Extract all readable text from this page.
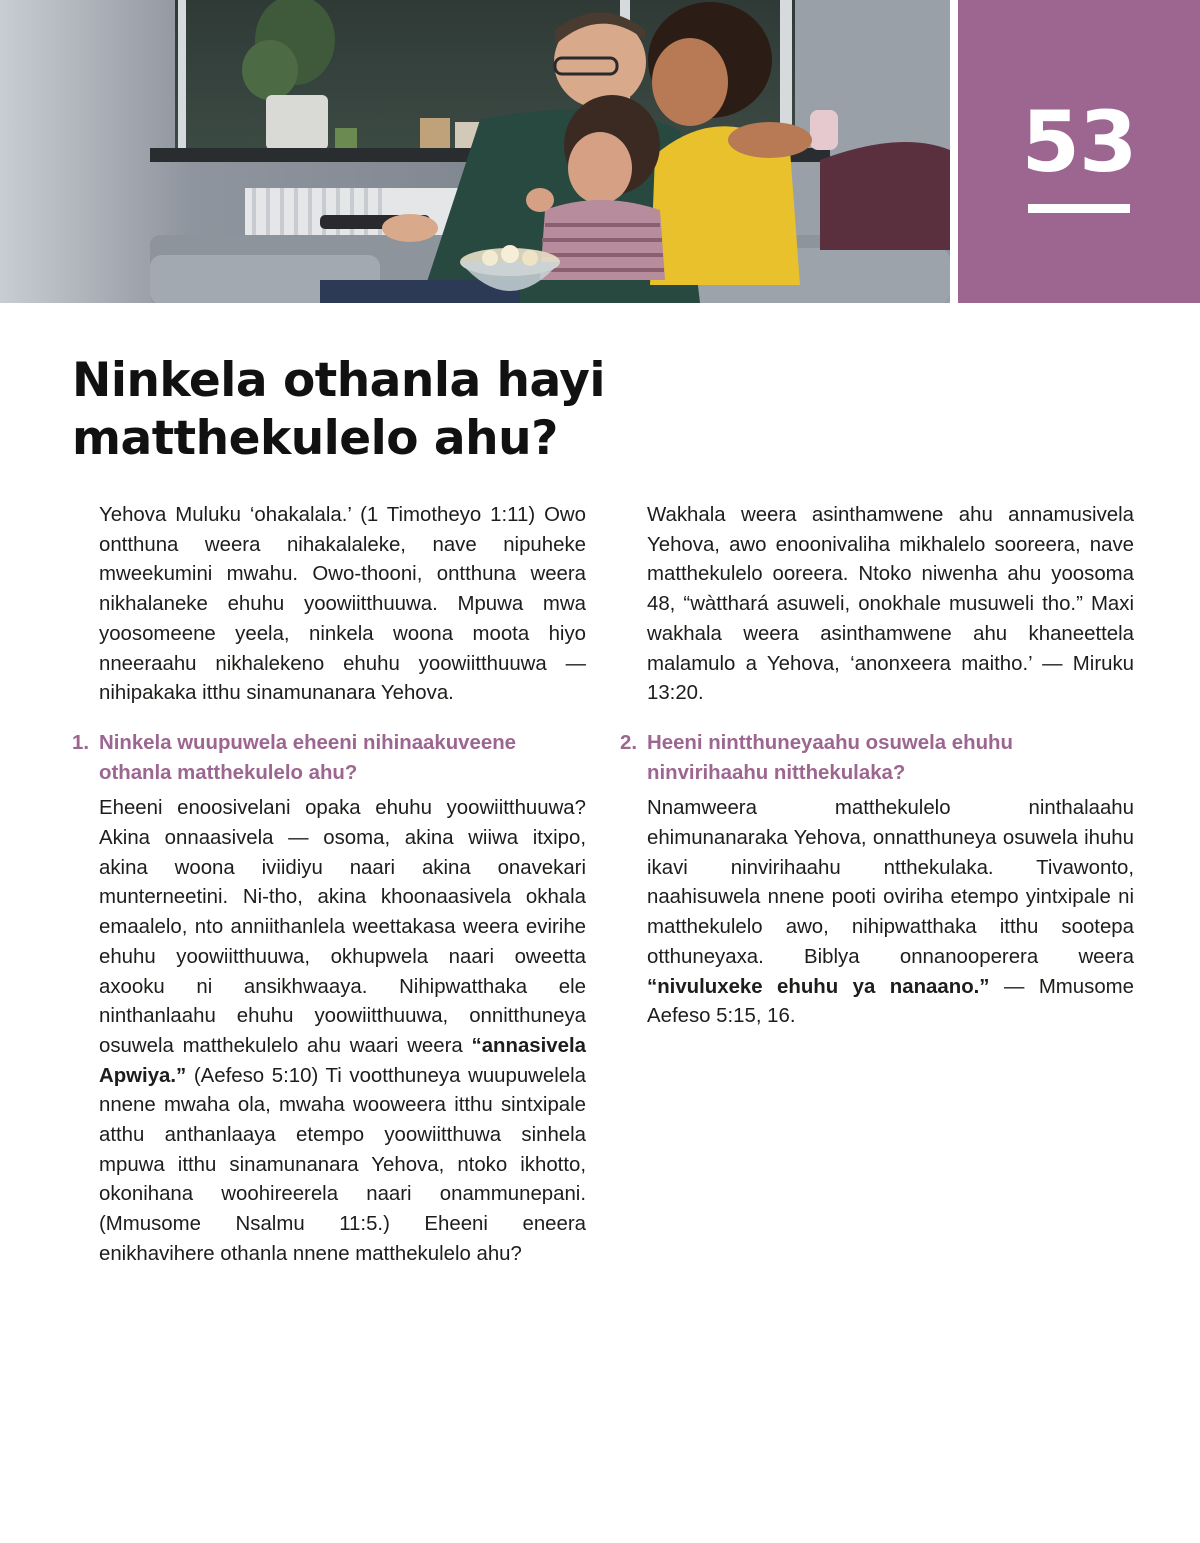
53
Ninkela othanla hayi matthekulelo ahu?

Yehova Muluku ‘ohakalala.’ (1 Timotheyo 1:11) Owo ontthuna weera nihakalaleke, nave nipuheke mweekumini mwahu. Owo-thooni, ontthuna weera nikhalaneke ehuhu yoowiitthuuwa. Mpuwa mwa yoosomeene yeela, ninkela woona moota hiyo nneeraahu nikhalekeno ehuhu yoowiitthuuwa — nihipakaka itthu sinamunanara Yehova.

1. Ninkela wuupuwela eheeni nihinaakuveene othanla matthekulelo ahu?

Eheeni enoosivelani opaka ehuhu yoowiitthuuwa? Akina onnaasivela — osoma, akina wiiwa itxipo, akina woona iviidiyu naari akina onavekari munterneetini. Ni-tho, akina khoonaasivela okhala emaalelo, nto anniithanlela weettakasa weera evirihe ehuhu yoowiitthuuwa, okhupwela naari oweetta axooku ni ansikhwaaya. Nihipwatthaka ele ninthanlaahu ehuhu yoowiitthuuwa, onnitthuneya osuwela matthekulelo ahu waari weera “annasivela Apwiya.” (Aefeso 5:10) Ti vootthuneya wuupuwelela nnene mwaha ola, mwaha wooweera itthu sintxipale atthu anthanlaaya etempo yoowiitthuwa sinhela mpuwa itthu sinamunanara Yehova, ntoko ikhotto, okonihana woohireerela naari onammunepani. (Mmusome Nsalmu 11:5.) Eheeni eneera enikhavihere othanla nnene matthekulelo ahu?

Wakhala weera asinthamwene ahu annamusivela Yehova, awo enoonivaliha mikhalelo sooreera, nave matthekulelo ooreera. Ntoko niwenha ahu yoosoma 48, “wàtthará asuweli, onokhale musuweli tho.” Maxi wakhala weera asinthamwene ahu khaneettela malamulo a Yehova, ‘anonxeera maitho.’ — Miruku 13:20.

2. Heeni nintthuneyaahu osuwela ehuhu ninvirihaahu nitthekulaka?

Nnamweera matthekulelo ninthalaahu ehimunanaraka Yehova, onnatthuneya osuwela ihuhu ikavi ninvirihaahu ntthekulaka. Tivawonto, naahisuwela nnene pooti oviriha etempo yintxipale ni matthekulelo awo, nihipwatthaka itthu sootepa otthuneyaxa. Biblya onnanooperera weera “nivuluxeke ehuhu ya nanaano.” — Mmusome Aefeso 5:15, 16.
